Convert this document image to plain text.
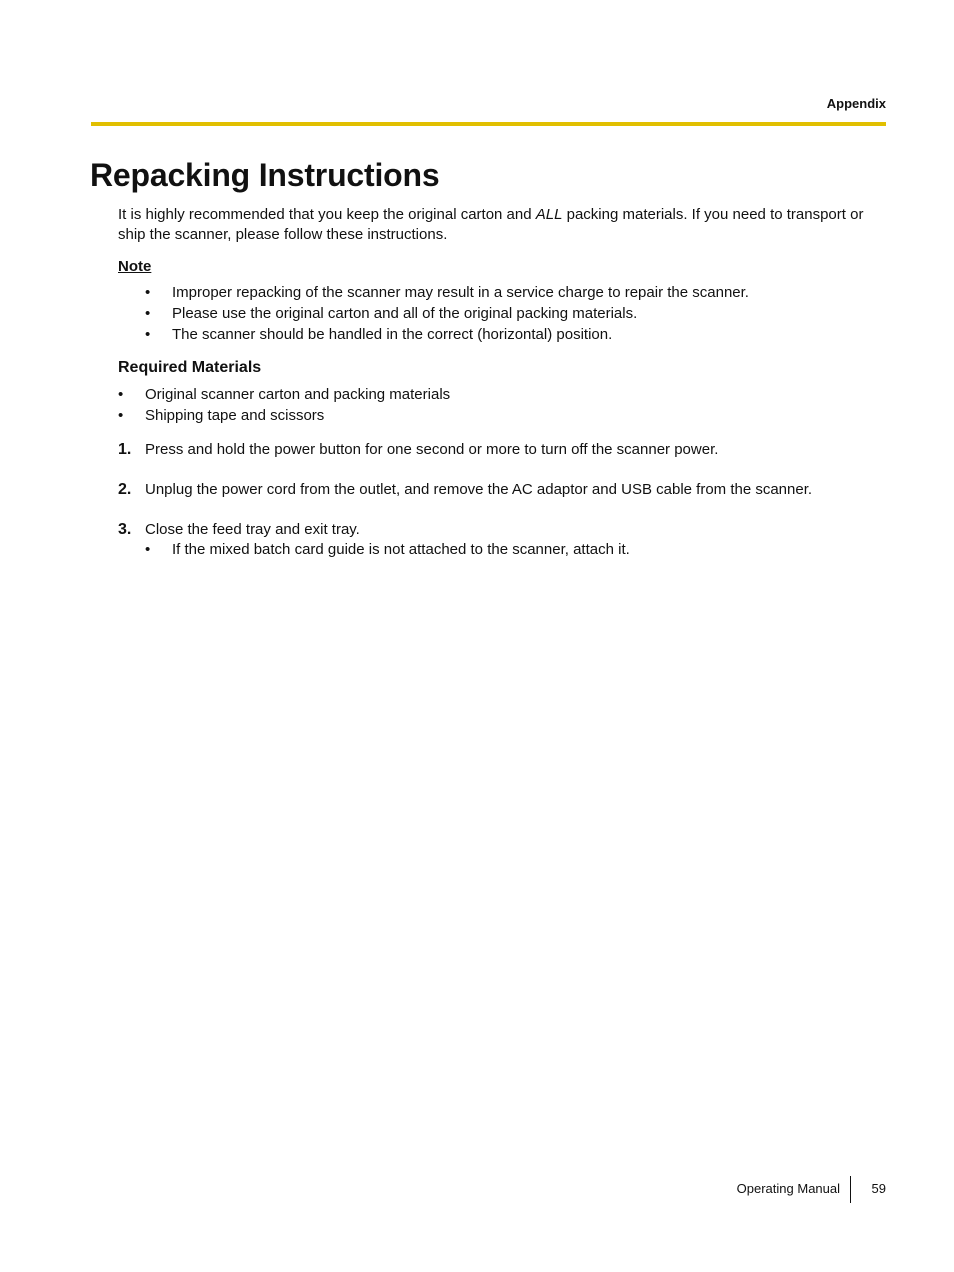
Appendix
Repacking Instructions
It is highly recommended that you keep the original carton and ALL packing materials. If you need to transport or ship the scanner, please follow these instructions.
Note
• Improper repacking of the scanner may result in a service charge to repair the scanner.
• Please use the original carton and all of the original packing materials.
• The scanner should be handled in the correct (horizontal) position.
Required Materials
• Original scanner carton and packing materials
• Shipping tape and scissors
1. Press and hold the power button for one second or more to turn off the scanner power.
2. Unplug the power cord from the outlet, and remove the AC adaptor and USB cable from the scanner.
3. Close the feed tray and exit tray.
• If the mixed batch card guide is not attached to the scanner, attach it.
Operating Manual 59
